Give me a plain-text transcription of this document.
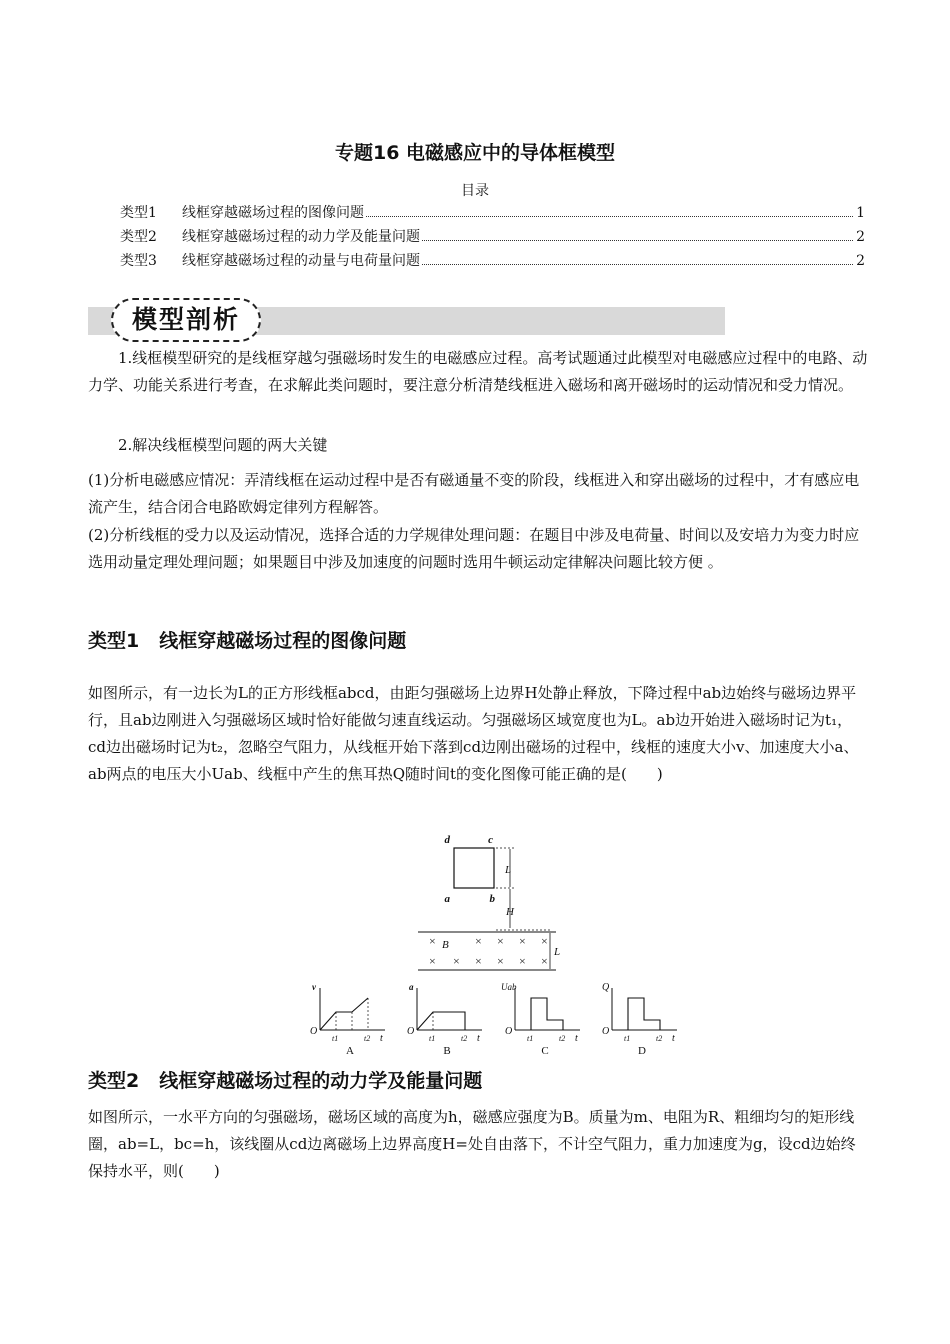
专题16 电磁感应中的导体框模型
目录
类型1	线框穿越磁场过程的图像问题	1
类型2	线框穿越磁场过程的动力学及能量问题	2
类型3	线框穿越磁场过程的动量与电荷量问题	2
模型剖析

1.线框模型研究的是线框穿越匀强磁场时发生的电磁感应过程。高考试题通过此模型对电磁感应过程中的电路、动力学、功能关系进行考查，在求解此类问题时，要注意分析清楚线框进入磁场和离开磁场时的运动情况和受力情况。

2.解决线框模型问题的两大关键

(1)分析电磁感应情况：弄清线框在运动过程中是否有磁通量不变的阶段，线框进入和穿出磁场的过程中，才有感应电流产生，结合闭合电路欧姆定律列方程解答。

(2)分析线框的受力以及运动情况，选择合适的力学规律处理问题：在题目中涉及电荷量、时间以及安培力为变力时应选用动量定理处理问题；如果题目中涉及加速度的问题时选用牛顿运动定律解决问题比较方便 。

类型1 线框穿越磁场过程的图像问题

如图所示，有一边长为L的正方形线框abcd，由距匀强磁场上边界H处静止释放，下降过程中ab边始终与磁场边界平行，且ab边刚进入匀强磁场区域时恰好能做匀速直线运动。匀强磁场区域宽度也为L。ab边开始进入磁场时记为t₁，cd边出磁场时记为t₂，忽略空气阻力，从线框开始下落到cd边刚出磁场的过程中，线框的速度大小v、加速度大小a、ab两点的电压大小Uab、线框中产生的焦耳热Q随时间t的变化图像可能正确的是(　　)

d	c
a	b
L
H
×	× × × ×
× × × × × ×
B
L
v
O
t1	t2 t
A
a
O
t1	t2 t
B
Uab
O
t1	t2 t
C
Q
O
t1	t2 t
D
类型2 线框穿越磁场过程的动力学及能量问题

如图所示，一水平方向的匀强磁场，磁场区域的高度为h，磁感应强度为B。质量为m、电阻为R、粗细均匀的矩形线圈，ab=L，bc=h，该线圈从cd边离磁场上边界高度H=处自由落下，不计空气阻力，重力加速度为g，设cd边始终保持水平，则(　　)
